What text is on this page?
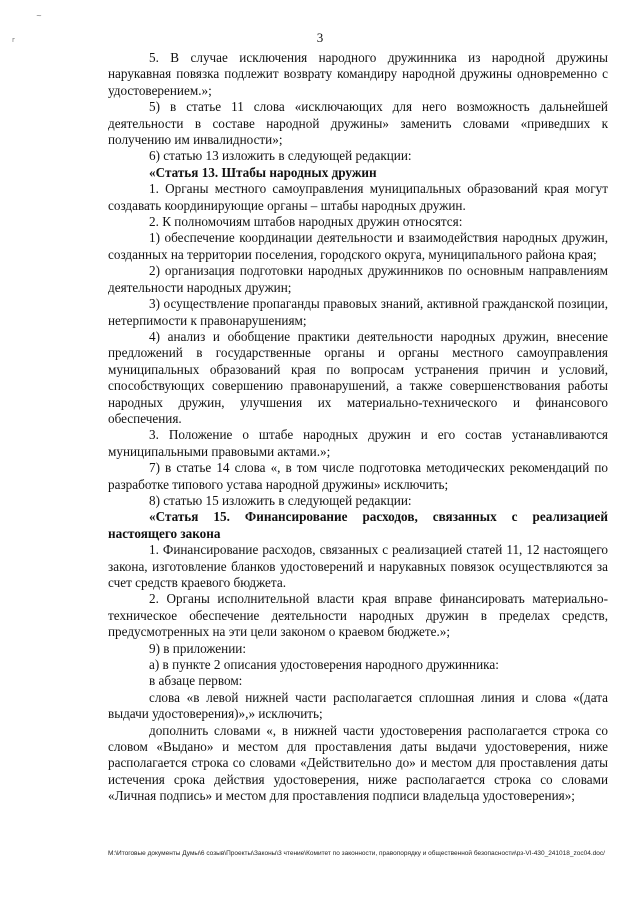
~
r	3

5. В случае исключения народного дружинника из народной дружины нарукавная повязка подлежит возврату командиру народной дружины одновременно с удостоверением.»;

5) в статье 11 слова «исключающих для него возможность дальнейшей деятельности в составе народной дружины» заменить словами «приведших к получению им инвалидности»;

6) статью 13 изложить в следующей редакции:

«Статья 13. Штабы народных дружин

1. Органы местного самоуправления муниципальных образований края могут создавать координирующие органы – штабы народных дружин.

2. К полномочиям штабов народных дружин относятся:

1) обеспечение координации деятельности и взаимодействия народных дружин, созданных на территории поселения, городского округа, муниципального района края;

2) организация подготовки народных дружинников по основным направлениям деятельности народных дружин;

3) осуществление пропаганды правовых знаний, активной гражданской позиции, нетерпимости к правонарушениям;

4) анализ и обобщение практики деятельности народных дружин, внесение предложений в государственные органы и органы местного самоуправления муниципальных образований края по вопросам устранения причин и условий, способствующих совершению правонарушений, а также совершенствования работы народных дружин, улучшения их материально-технического и финансового обеспечения.

3. Положение о штабе народных дружин и его состав устанавливаются муниципальными правовыми актами.»;

7) в статье 14 слова «, в том числе подготовка методических рекомендаций по разработке типового устава народной дружины» исключить;

8) статью 15 изложить в следующей редакции:

«Статья 15. Финансирование расходов, связанных с реализацией настоящего закона

1. Финансирование расходов, связанных с реализацией статей 11, 12 настоящего закона, изготовление бланков удостоверений и нарукавных повязок осуществляются за счет средств краевого бюджета.

2. Органы исполнительной власти края вправе финансировать материально-техническое обеспечение деятельности народных дружин в пределах средств, предусмотренных на эти цели законом о краевом бюджете.»;

9) в приложении:

а) в пункте 2 описания удостоверения народного дружинника:

в абзаце первом:

слова «в левой нижней части располагается сплошная линия и слова «(дата выдачи удостоверения)»,» исключить;

дополнить словами «, в нижней части удостоверения располагается строка со словом «Выдано» и местом для проставления даты выдачи удостоверения, ниже располагается строка со словами «Действительно до» и местом для проставления даты истечения срока действия удостоверения, ниже располагается строка со словами «Личная подпись» и местом для проставления подписи владельца удостоверения»;

M:\Итоговые документы Думы\6 созыв\Проекты\Законы\3 чтение\Комитет по законности, правопорядку и общественной безопасности\рз-VI-430_241018_zoc04.doc/
